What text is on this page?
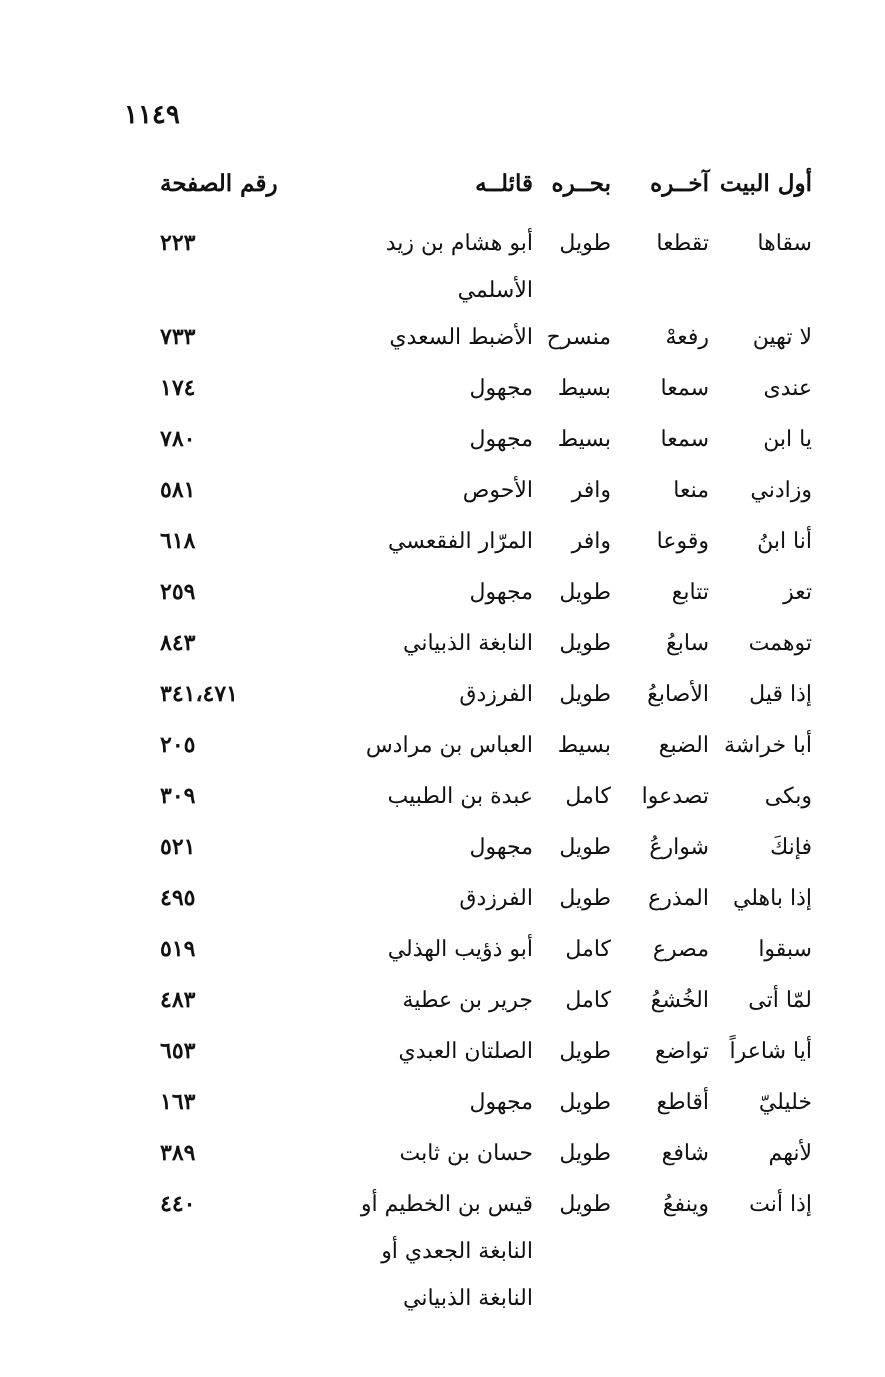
١١٤٩
أول البيت
آخــره
بحــره
قائلــه
رقم الصفحة
سقاها
تقطعا
طويل
أبو هشام بن زيد الأسلمي
٢٢٣
لا تهين
رفعهْ
منسرح
الأضبط السعدي
٧٣٣
عندى
سمعا
بسيط
مجهول
١٧٤
يا ابن
سمعا
بسيط
مجهول
٧٨٠
وزادني
منعا
وافر
الأحوص
٥٨١
أنا ابنُ
وقوعا
وافر
المرّار الفقعسي
٦١٨
تعز
تتابع
طويل
مجهول
٢٥٩
توهمت
سابعُ
طويل
النابغة الذبياني
٨٤٣
إذا قيل
الأصابعُ
طويل
الفرزدق
٣٤١،٤٧١
أبا خراشة
الضبع
بسيط
العباس بن مرادس
٢٠٥
وبكى
تصدعوا
كامل
عبدة بن الطبيب
٣٠٩
فإنكَ
شوارعُ
طويل
مجهول
٥٢١
إذا باهلي
المذرع
طويل
الفرزدق
٤٩٥
سبقوا
مصرع
كامل
أبو ذؤيب الهذلي
٥١٩
لمّا أتى
الخُشعُ
كامل
جرير بن عطية
٤٨٣
أيا شاعراً
تواضع
طويل
الصلتان العبدي
٦٥٣
خليليّ
أقاطع
طويل
مجهول
١٦٣
لأنهم
شافع
طويل
حسان بن ثابت
٣٨٩
إذا أنت
وينفعُ
طويل
قيس بن الخطيم أو النابغة الجعدي أو النابغة الذبياني
٤٤٠
